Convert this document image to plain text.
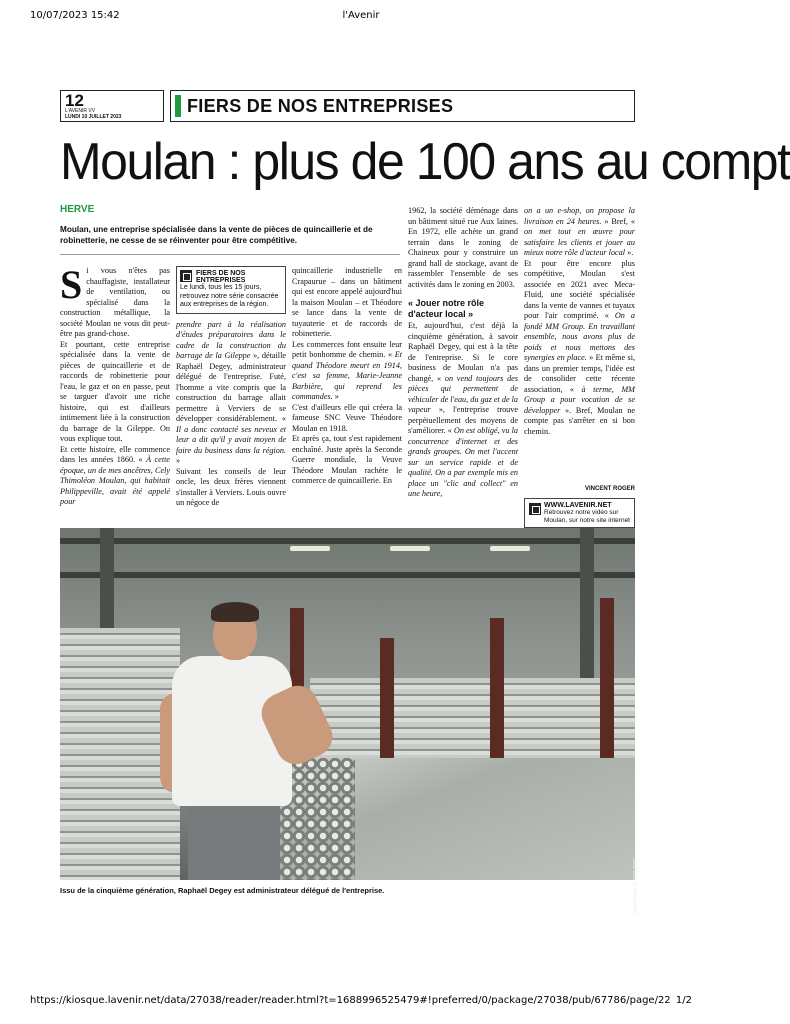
10/07/2023 15:42	l'Avenir
12
L'AVENIR VV
LUNDI 10 JUILLET 2023
FIERS DE NOS ENTREPRISES
Moulan : plus de 100 ans au compt
HERVE
Moulan, une entreprise spécialisée dans la vente de pièces de quincaillerie et de robinetterie, ne cesse de se réinventer pour être compétitive.

S i vous n'êtes pas chauffagiste, installateur de ventilation, ou spécialisé dans la construction métallique, la société Moulan ne vous dit peut-être pas grand-chose.

Et pourtant, cette entreprise spécialisée dans la vente de pièces de quincaillerie et de raccords de robinetterie pour l'eau, le gaz et on en passe, peut se targuer d'avoir une riche histoire, qui est d'ailleurs intimement liée à la construction du barrage de la Gileppe. On vous explique tout.

Et cette histoire, elle commence dans les années 1860. « À cette époque, un de mes ancêtres, Cely Thimoléon Moulan, qui habitait Philippeville, avait été appelé pour

FIERS DE NOS ENTREPRISES
Le lundi, tous les 15 jours, retrouvez notre série consacrée aux entreprises de la région.

prendre part à la réalisation d'études préparatoires dans le cadre de la construction du barrage de la Gileppe », détaille Raphaël Degey, administrateur délégué de l'entreprise. Futé, l'homme a vite compris que la construction du barrage allait permettre à Verviers de se développer considérablement. « Il a donc contacté ses neveux et leur a dit qu'il y avait moyen de faire du business dans la région. »

Suivant les conseils de leur oncle, les deux frères viennent s'installer à Verviers. Louis ouvre un négoce de

quincaillerie industrielle en Crapaurue – dans un bâtiment qui est encore appelé aujourd'hui la maison Moulan – et Théodore se lance dans la vente de tuyauterie et de raccords de robinetterie.

Les commerces font ensuite leur petit bonhomme de chemin. « Et quand Théodore meurt en 1914, c'est sa femme, Marie-Jeanne Barbière, qui reprend les commandes. »

C'est d'ailleurs elle qui créera la fameuse SNC Veuve Théodore Moulan en 1918.

Et après ça, tout s'est rapidement enchaîné. Juste après la Seconde Guerre mondiale, la Veuve Théodore Moulan rachète le commerce de quincaillerie. En

1962, la société déménage dans un bâtiment situé rue Aux laines. En 1972, elle achète un grand terrain dans le zoning de Chaineux pour y construire un grand hall de stockage, avant de rassembler l'ensemble de ses activités dans le zoning en 2003.

« Jouer notre rôle d'acteur local »

Et, aujourd'hui, c'est déjà la cinquième génération, à savoir Raphaël Degey, qui est à la tête de l'entreprise. Si le core business de Moulan n'a pas changé, « on vend toujours des pièces qui permettent de véhiculer de l'eau, du gaz et de la vapeur », l'entreprise trouve perpétuellement des moyens de s'améliorer. « On est obligé, vu la concurrence d'internet et des grands groupes. On met l'accent sur un service rapide et de qualité. On a par exemple mis en place un "clic and collect" en une heure,

on a un e-shop, on propose la livraison en 24 heures. » Bref, « on met tout en œuvre pour satisfaire les clients et jouer au mieux notre rôle d'acteur local ».

Et pour être encore plus compétitive, Moulan s'est associée en 2021 avec Meca-Fluid, une société spécialisée dans la vente de vannes et tuyaux pour l'air comprimé. « On a fondé MM Group. En travaillant ensemble, nous avons plus de poids et nous mettons des synergies en place. » Et même si, dans un premier temps, l'idée est de consolider cette récente association, « à terme, MM Group a pour vocation de se développer ». Bref, Moulan ne compte pas s'arrêter en si bon chemin.

VINCENT ROGER
WWW.LAVENIR.NET
Retrouvez notre vidéo sur Moulan, sur notre site internet
EDA SABETE PHILIPPE
Issu de la cinquième génération, Raphaël Degey est administrateur délégué de l'entreprise.
https://kiosque.lavenir.net/data/27038/reader/reader.html?t=1688996525479#!preferred/0/package/27038/pub/67786/page/22 1/2
